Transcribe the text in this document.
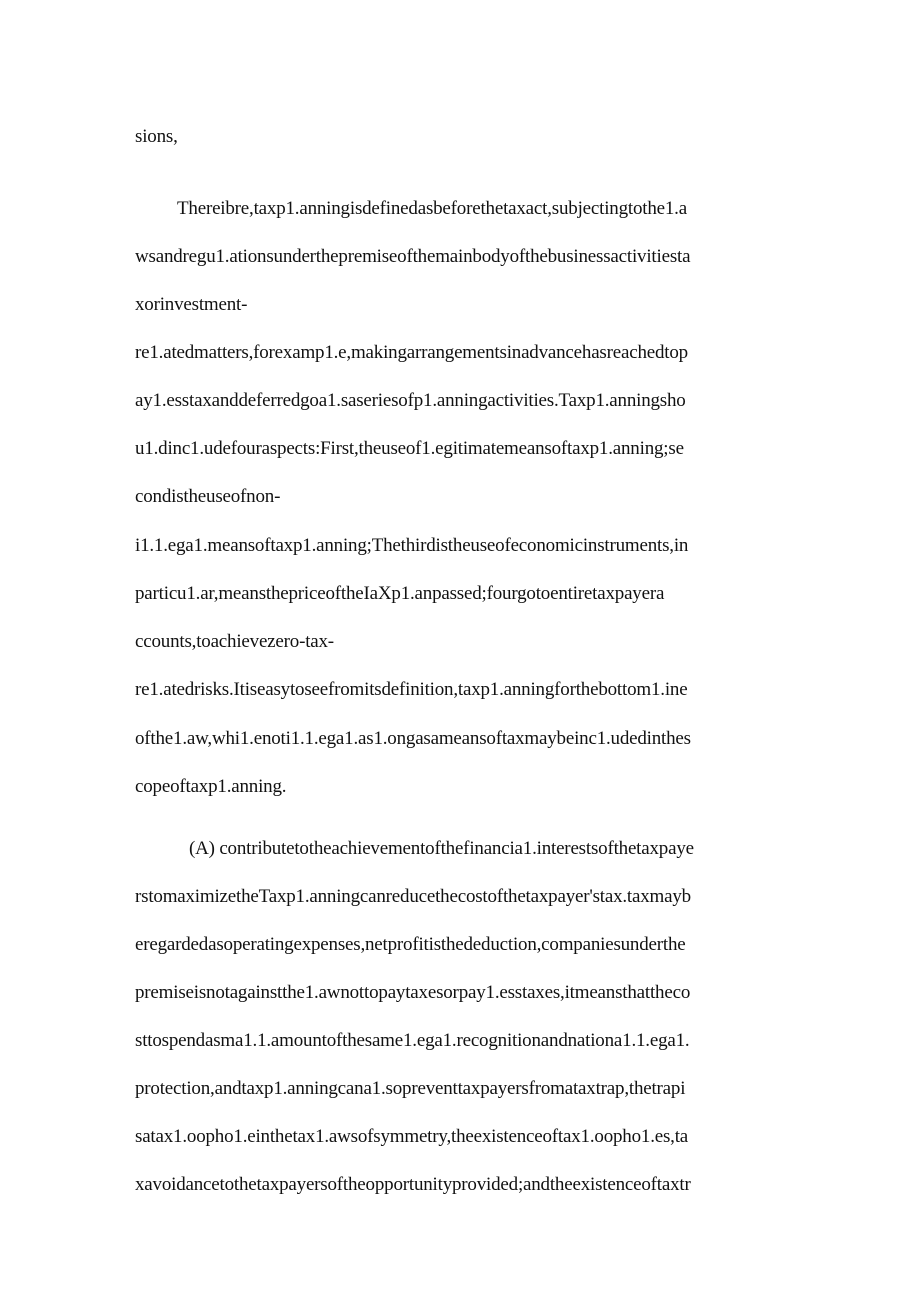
sions,
Thereibre,taxp1.anningisdefinedasbeforethetaxact,subjectingtothe1.a
wsandregu1.ationsunderthepremiseofthemainbodyofthebusinessactivitiesta
xorinvestment-
re1.atedmatters,forexamp1.e,makingarrangementsinadvancehasreachedtop
ay1.esstaxanddeferredgoa1.saseriesofp1.anningactivities.Taxp1.anningsho
u1.dinc1.udefouraspects:First,theuseof1.egitimatemeansoftaxp1.anning;se
condistheuseofnon-
i1.1.ega1.meansoftaxp1.anning;Thethirdistheuseofeconomicinstruments,in
particu1.ar,meansthepriceoftheIaXp1.anpassed;fourgotoentiretaxpayera
ccounts,toachievezero-tax-
re1.atedrisks.Itiseasytoseefromitsdefinition,taxp1.anningforthebottom1.ine
ofthe1.aw,whi1.enoti1.1.ega1.as1.ongasameansoftaxmaybeinc1.udedinthes
copeoftaxp1.anning.
(A) contributetotheachievementofthefinancia1.interestsofthetaxpaye
rstomaximizetheTaxp1.anningcanreducethecostofthetaxpayer'stax.taxmayb
eregardedasoperatingexpenses,netprofitisthededuction,companiesunderthe
premiseisnotagainstthe1.awnottopaytaxesorpay1.esstaxes,itmeansthattheco
sttospendasma1.1.amountofthesame1.ega1.recognitionandnationa1.1.ega1.
protection,andtaxp1.anningcana1.sopreventtaxpayersfromataxtrap,thetrapi
satax1.oopho1.einthetax1.awsofsymmetry,theexistenceoftax1.oopho1.es,ta
xavoidancetothetaxpayersoftheopportunityprovided;andtheexistenceoftaxtr
